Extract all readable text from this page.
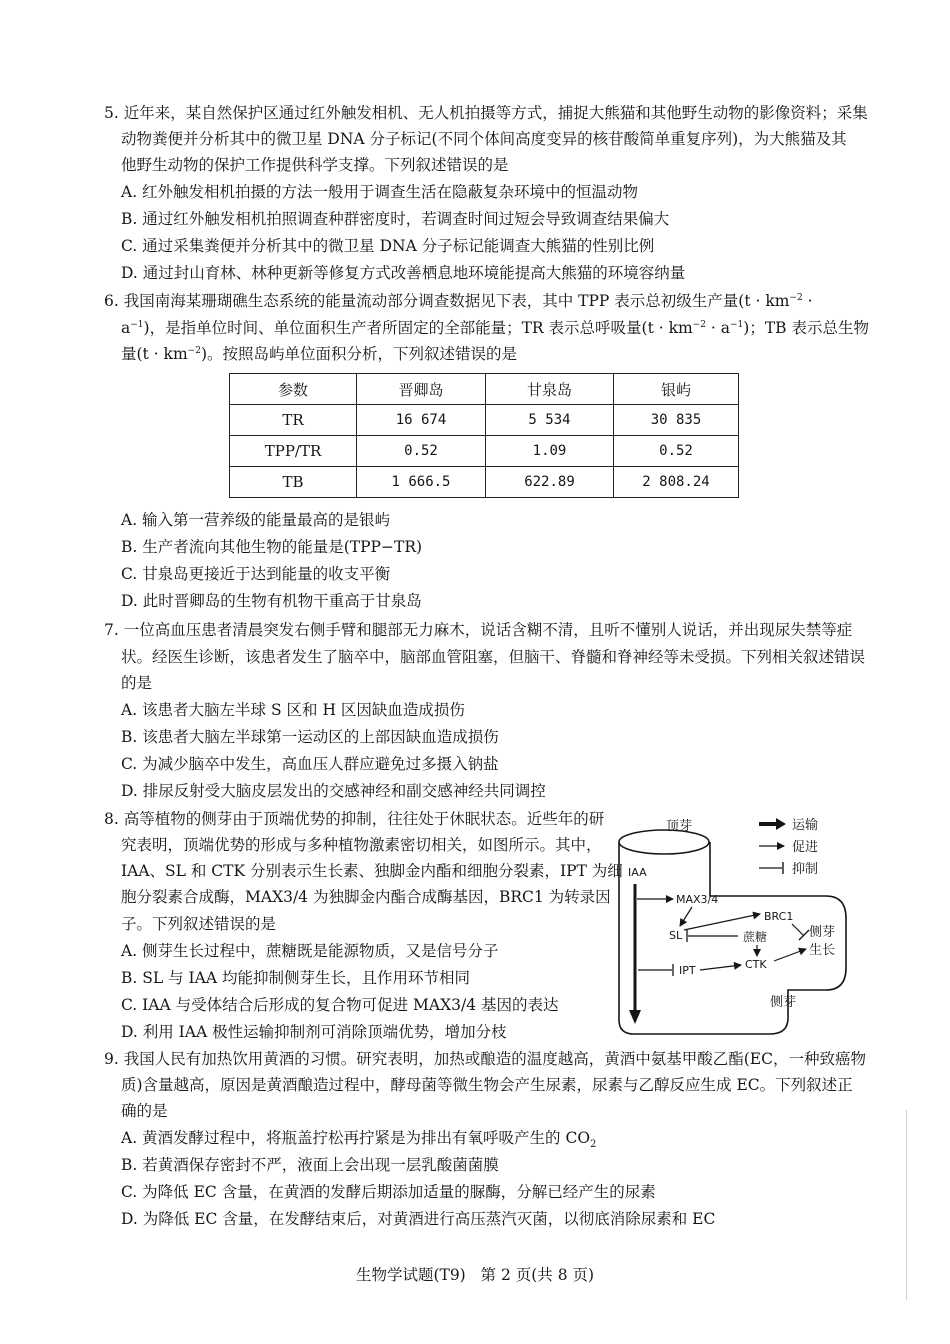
5. 近年来，某自然保护区通过红外触发相机、无人机拍摄等方式，捕捉大熊猫和其他野生动物的影像资料；采集
动物粪便并分析其中的微卫星 DNA 分子标记(不同个体间高度变异的核苷酸简单重复序列)，为大熊猫及其
他野生动物的保护工作提供科学支撑。下列叙述错误的是
A. 红外触发相机拍摄的方法一般用于调查生活在隐蔽复杂环境中的恒温动物
B. 通过红外触发相机拍照调查种群密度时，若调查时间过短会导致调查结果偏大
C. 通过采集粪便并分析其中的微卫星 DNA 分子标记能调查大熊猫的性别比例
D. 通过封山育林、林种更新等修复方式改善栖息地环境能提高大熊猫的环境容纳量
6. 我国南海某珊瑚礁生态系统的能量流动部分调查数据见下表，其中 TPP 表示总初级生产量($t \cdot km^{-2}$ ·
$a^{-1}$)，是指单位时间、单位面积生产者所固定的全部能量；TR 表示总呼吸量$(t \cdot km^{-2} \cdot a^{-1})$；TB 表示总生物
量$(t \cdot km^{-2})$。按照岛屿单位面积分析，下列叙述错误的是
参数	晋卿岛	甘泉岛	银屿
TR	16 674	5 534	30 835
TPP/TR	0.52	1.09	0.52
TB	1 666.5	622.89	2 808.24
A. 输入第一营养级的能量最高的是银屿
B. 生产者流向其他生物的能量是(TPP−TR)
C. 甘泉岛更接近于达到能量的收支平衡
D. 此时晋卿岛的生物有机物干重高于甘泉岛
7. 一位高血压患者清晨突发右侧手臂和腿部无力麻木，说话含糊不清，且听不懂别人说话，并出现尿失禁等症
状。经医生诊断，该患者发生了脑卒中，脑部血管阻塞，但脑干、脊髓和脊神经等未受损。下列相关叙述错误
的是
A. 该患者大脑左半球 S 区和 H 区因缺血造成损伤
B. 该患者大脑左半球第一运动区的上部因缺血造成损伤
C. 为减少脑卒中发生，高血压人群应避免过多摄入钠盐
D. 排尿反射受大脑皮层发出的交感神经和副交感神经共同调控
8. 高等植物的侧芽由于顶端优势的抑制，往往处于休眠状态。近些年的研
究表明，顶端优势的形成与多种植物激素密切相关，如图所示。其中，
IAA、SL 和 CTK 分别表示生长素、独脚金内酯和细胞分裂素，IPT 为细
胞分裂素合成酶，MAX3/4 为独脚金内酯合成酶基因，BRC1 为转录因
子。下列叙述错误的是
A. 侧芽生长过程中，蔗糖既是能源物质，又是信号分子
B. SL 与 IAA 均能抑制侧芽生长，且作用环节相同
C. IAA 与受体结合后形成的复合物可促进 MAX3/4 基因的表达
D. 利用 IAA 极性运输抑制剂可消除顶端优势，增加分枝
顶芽
侧芽
运输
促进
抑制
IAA
MAX3/4
BRC1
SL	蔗糖	侧芽
生长
CTK
IPT
9. 我国人民有加热饮用黄酒的习惯。研究表明，加热或酿造的温度越高，黄酒中氨基甲酸乙酯(EC，一种致癌物
质)含量越高，原因是黄酒酿造过程中，酵母菌等微生物会产生尿素，尿素与乙醇反应生成 EC。下列叙述正
确的是
A. 黄酒发酵过程中，将瓶盖拧松再拧紧是为排出有氧呼吸产生的 $CO_2$
B. 若黄酒保存密封不严，液面上会出现一层乳酸菌菌膜
C. 为降低 EC 含量，在黄酒的发酵后期添加适量的脲酶，分解已经产生的尿素
D. 为降低 EC 含量，在发酵结束后，对黄酒进行高压蒸汽灭菌，以彻底消除尿素和 EC
生物学试题(T9)   第 2 页(共 8 页)
